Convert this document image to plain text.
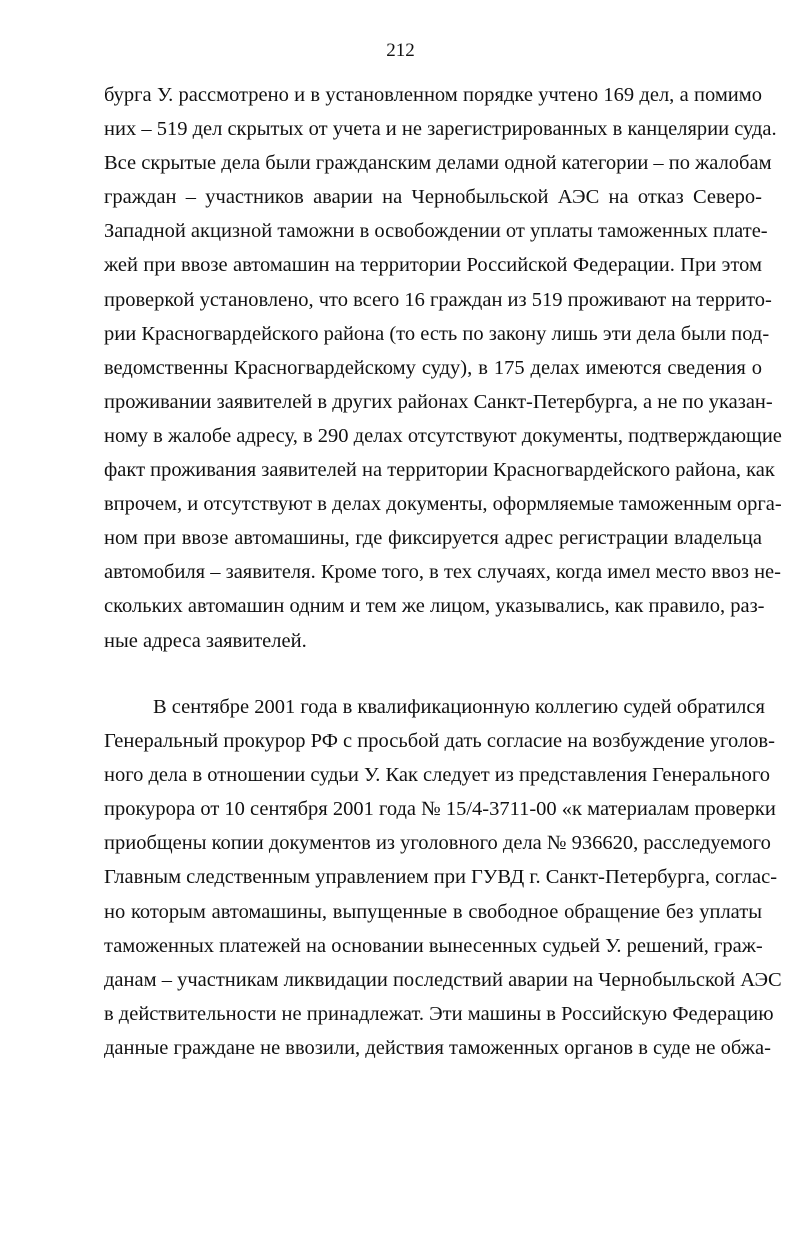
212
бурга У. рассмотрено и в установленном порядке учтено 169 дел, а помимо
них – 519 дел скрытых от учета и не зарегистрированных в канцелярии суда.
Все скрытые дела были гражданским делами одной категории – по жалобам
граждан – участников аварии на Чернобыльской АЭС на отказ Северо-
Западной акцизной таможни в освобождении от уплаты таможенных плате-
жей при ввозе автомашин на территории Российской Федерации. При этом
проверкой установлено, что всего 16 граждан из 519 проживают на террито-
рии Красногвардейского района (то есть по закону лишь эти дела были под-
ведомственны Красногвардейскому суду), в 175 делах имеются сведения о
проживании заявителей в других районах Санкт-Петербурга, а не по указан-
ному в жалобе адресу, в 290 делах отсутствуют документы, подтверждающие
факт проживания заявителей на территории Красногвардейского района, как
впрочем, и отсутствуют в делах документы, оформляемые таможенным орга-
ном при ввозе автомашины, где фиксируется адрес регистрации владельца
автомобиля – заявителя. Кроме того, в тех случаях, когда имел место ввоз не-
скольких автомашин одним и тем же лицом, указывались, как правило, раз-
ные адреса заявителей.
В сентябре 2001 года в квалификационную коллегию судей обратился
Генеральный прокурор РФ с просьбой дать согласие на возбуждение уголов-
ного дела в отношении судьи У. Как следует из представления Генерального
прокурора от 10 сентября 2001 года № 15/4-3711-00 «к материалам проверки
приобщены копии документов из уголовного дела № 936620, расследуемого
Главным следственным управлением при ГУВД г. Санкт-Петербурга, соглас-
но которым автомашины, выпущенные в свободное обращение без уплаты
таможенных платежей на основании вынесенных судьей У. решений, граж-
данам – участникам ликвидации последствий аварии на Чернобыльской АЭС
в действительности не принадлежат. Эти машины в Российскую Федерацию
данные граждане не ввозили, действия таможенных органов в суде не обжа-
